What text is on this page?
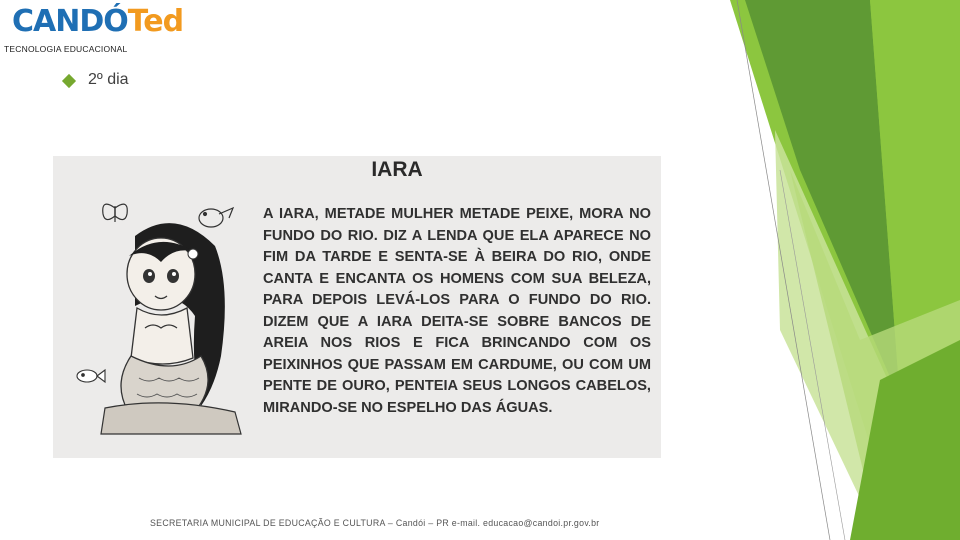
CANDÓTed
TECNOLOGIA EDUCACIONAL
2º dia
IARA
A IARA, METADE MULHER METADE PEIXE, MORA NO FUNDO DO RIO. DIZ A LENDA QUE ELA APARECE NO FIM DA TARDE E SENTA-SE À BEIRA DO RIO, ONDE CANTA E ENCANTA OS HOMENS COM SUA BELEZA, PARA DEPOIS LEVÁ-LOS PARA O FUNDO DO RIO. DIZEM QUE A IARA DEITA-SE SOBRE BANCOS DE AREIA NOS RIOS E FICA BRINCANDO COM OS PEIXINHOS QUE PASSAM EM CARDUME, OU COM UM PENTE DE OURO, PENTEIA SEUS LONGOS CABELOS, MIRANDO-SE NO ESPELHO DAS ÁGUAS.
SECRETARIA MUNICIPAL DE EDUCAÇÃO E CULTURA – Candói – PR e-mail. educacao@candoi.pr.gov.br
